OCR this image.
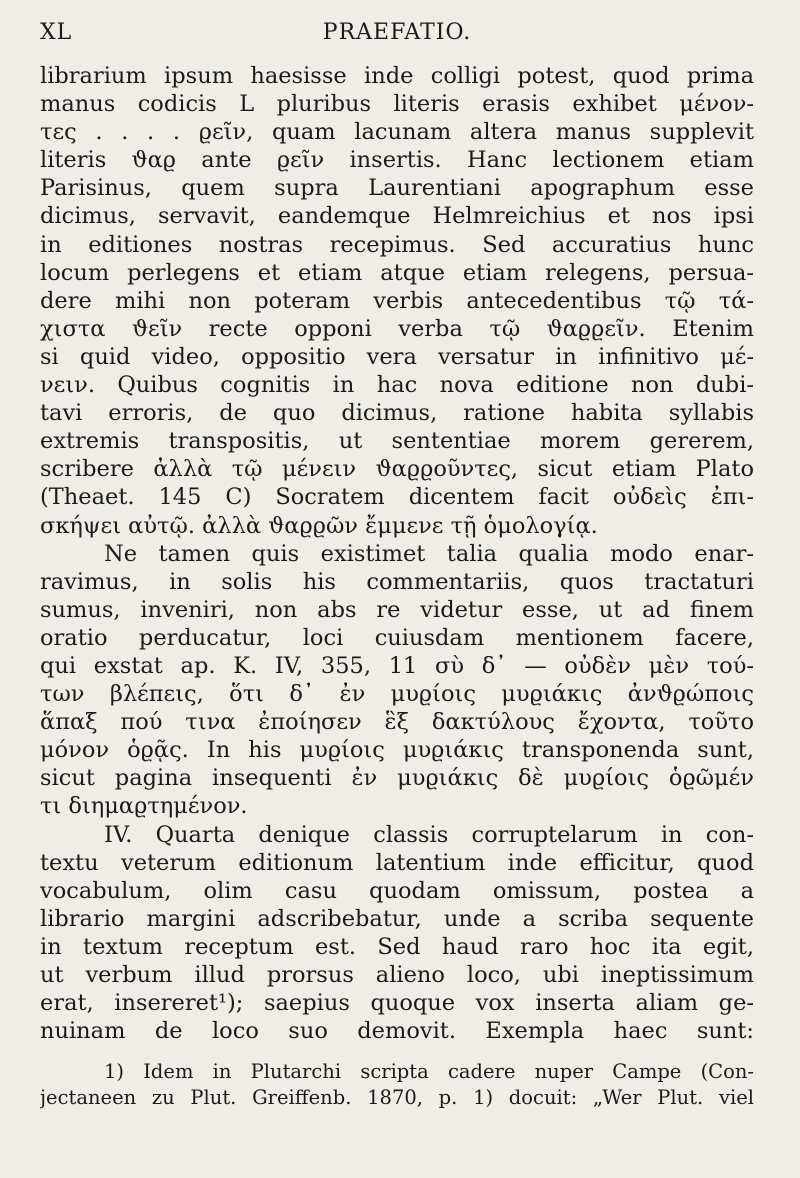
XL	PRAEFATIO.
librarium ipsum haesisse inde colligi potest, quod prima
manus codicis L pluribus literis erasis exhibet μένον-
τες . . . . ϱεῖν, quam lacunam altera manus supplevit
literis ϑαϱ ante ϱεῖν insertis. Hanc lectionem etiam
Parisinus, quem supra Laurentiani apographum esse
dicimus, servavit, eandemque Helmreichius et nos ipsi
in editiones nostras recepimus. Sed accuratius hunc
locum perlegens et etiam atque etiam relegens, persua-
dere mihi non poteram verbis antecedentibus τῷ τά-
χιστα ϑεῖν recte opponi verba τῷ ϑαϱϱεῖν. Etenim
si quid video, oppositio vera versatur in infinitivo μέ-
νειν. Quibus cognitis in hac nova editione non dubi-
tavi erroris, de quo dicimus, ratione habita syllabis
extremis transpositis, ut sententiae morem gererem,
scribere ἀλλὰ τῷ μένειν ϑαϱϱοῦντες, sicut etiam Plato
(Theaet. 145 C) Socratem dicentem facit οὐδεὶς ἐπι-
σκήψει αὐτῷ. ἀλλὰ ϑαϱϱῶν ἔμμενε τῇ ὁμολογίᾳ.
Ne tamen quis existimet talia qualia modo enar-
ravimus, in solis his commentariis, quos tractaturi
sumus, inveniri, non abs re videtur esse, ut ad finem
oratio perducatur, loci cuiusdam mentionem facere,
qui exstat ap. K. IV, 355, 11 σὺ δ᾽ — οὐδὲν μὲν τού-
των βλέπεις, ὅτι δ᾽ ἐν μυϱίοις μυϱιάκις ἀνϑϱώποις
ἅπαξ πού τινα ἐποίησεν ἓξ δακτύλους ἔχοντα, τοῦτο
μόνον ὁϱᾷς. In his μυϱίοις μυϱιάκις transponenda sunt,
sicut pagina insequenti ἐν μυϱιάκις δὲ μυϱίοις ὁϱῶμέν
τι διημαϱτημένον.
IV. Quarta denique classis corruptelarum in con-
textu veterum editionum latentium inde efficitur, quod
vocabulum, olim casu quodam omissum, postea a
librario margini adscribebatur, unde a scriba sequente
in textum receptum est. Sed haud raro hoc ita egit,
ut verbum illud prorsus alieno loco, ubi ineptissimum
erat, insereret¹); saepius quoque vox inserta aliam ge-
nuinam de loco suo demovit. Exempla haec sunt:
1) Idem in Plutarchi scripta cadere nuper Campe (Con-
jectaneen zu Plut. Greiffenb. 1870, p. 1) docuit: „Wer Plut. viel
